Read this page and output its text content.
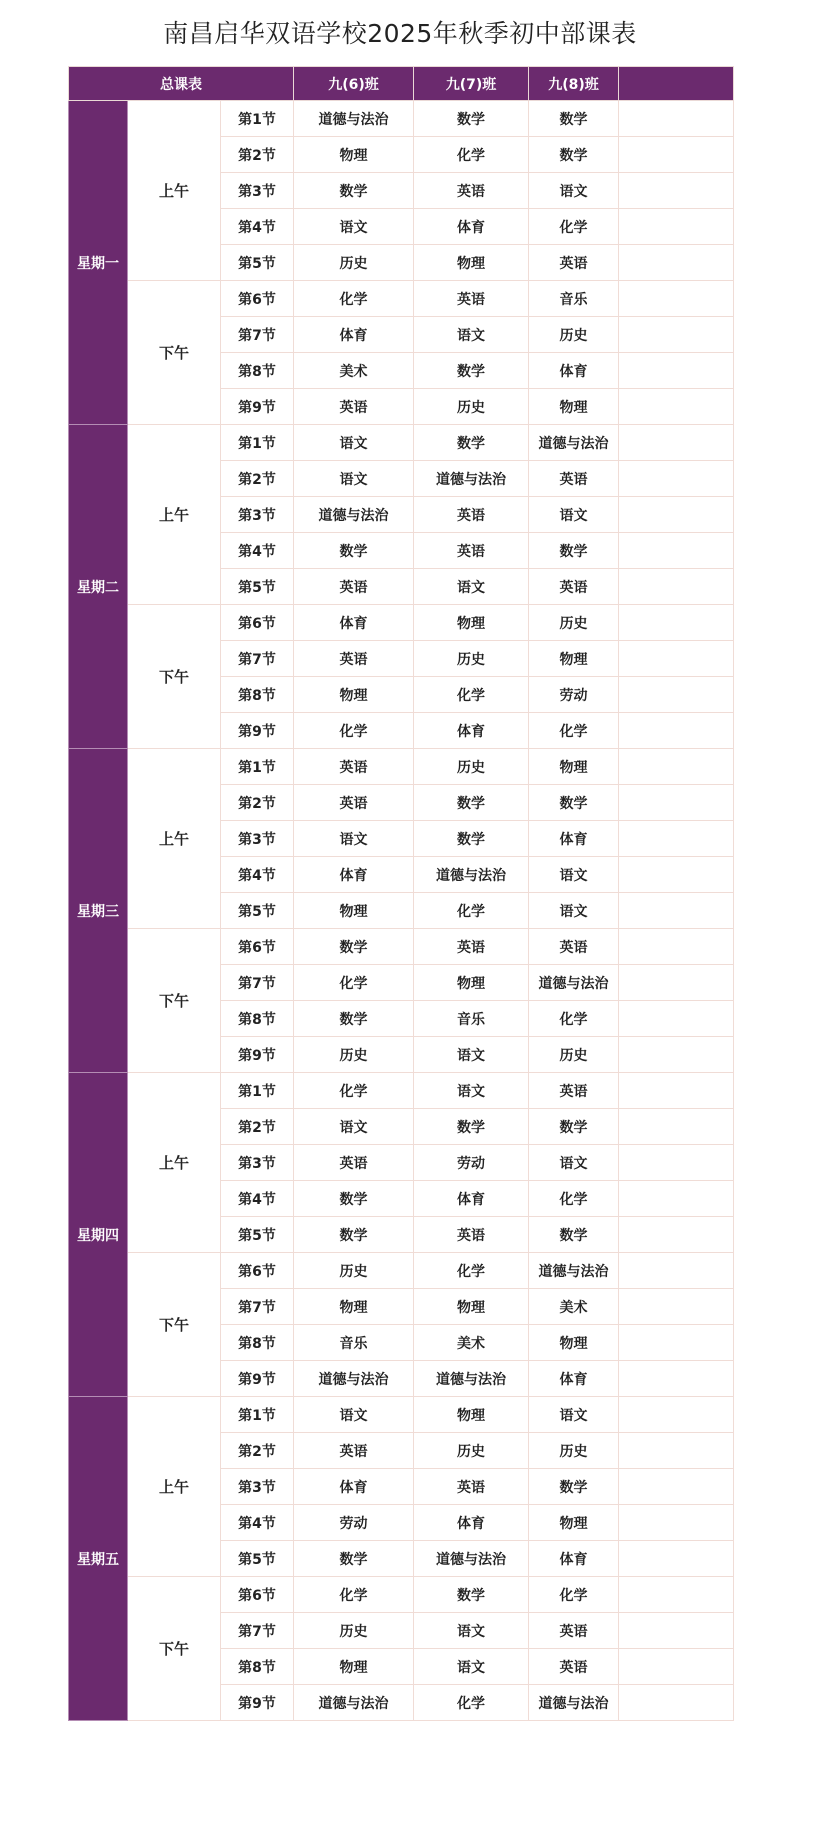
南昌启华双语学校2025年秋季初中部课表
总课表			九(6)班	九(7)班	九(8)班	
星期一	上午	第1节	道德与法治	数学	数学	
		第2节	物理	化学	数学	
		第3节	数学	英语	语文	
		第4节	语文	体育	化学	
		第5节	历史	物理	英语	
	下午	第6节	化学	英语	音乐	
		第7节	体育	语文	历史	
		第8节	美术	数学	体育	
		第9节	英语	历史	物理	
星期二	上午	第1节	语文	数学	道德与法治	
		第2节	语文	道德与法治	英语	
		第3节	道德与法治	英语	语文	
		第4节	数学	英语	数学	
		第5节	英语	语文	英语	
	下午	第6节	体育	物理	历史	
		第7节	英语	历史	物理	
		第8节	物理	化学	劳动	
		第9节	化学	体育	化学	
星期三	上午	第1节	英语	历史	物理	
		第2节	英语	数学	数学	
		第3节	语文	数学	体育	
		第4节	体育	道德与法治	语文	
		第5节	物理	化学	语文	
	下午	第6节	数学	英语	英语	
		第7节	化学	物理	道德与法治	
		第8节	数学	音乐	化学	
		第9节	历史	语文	历史	
星期四	上午	第1节	化学	语文	英语	
		第2节	语文	数学	数学	
		第3节	英语	劳动	语文	
		第4节	数学	体育	化学	
		第5节	数学	英语	数学	
	下午	第6节	历史	化学	道德与法治	
		第7节	物理	物理	美术	
		第8节	音乐	美术	物理	
		第9节	道德与法治	道德与法治	体育	
星期五	上午	第1节	语文	物理	语文	
		第2节	英语	历史	历史	
		第3节	体育	英语	数学	
		第4节	劳动	体育	物理	
		第5节	数学	道德与法治	体育	
	下午	第6节	化学	数学	化学	
		第7节	历史	语文	英语	
		第8节	物理	语文	英语	
		第9节	道德与法治	化学	道德与法治	
